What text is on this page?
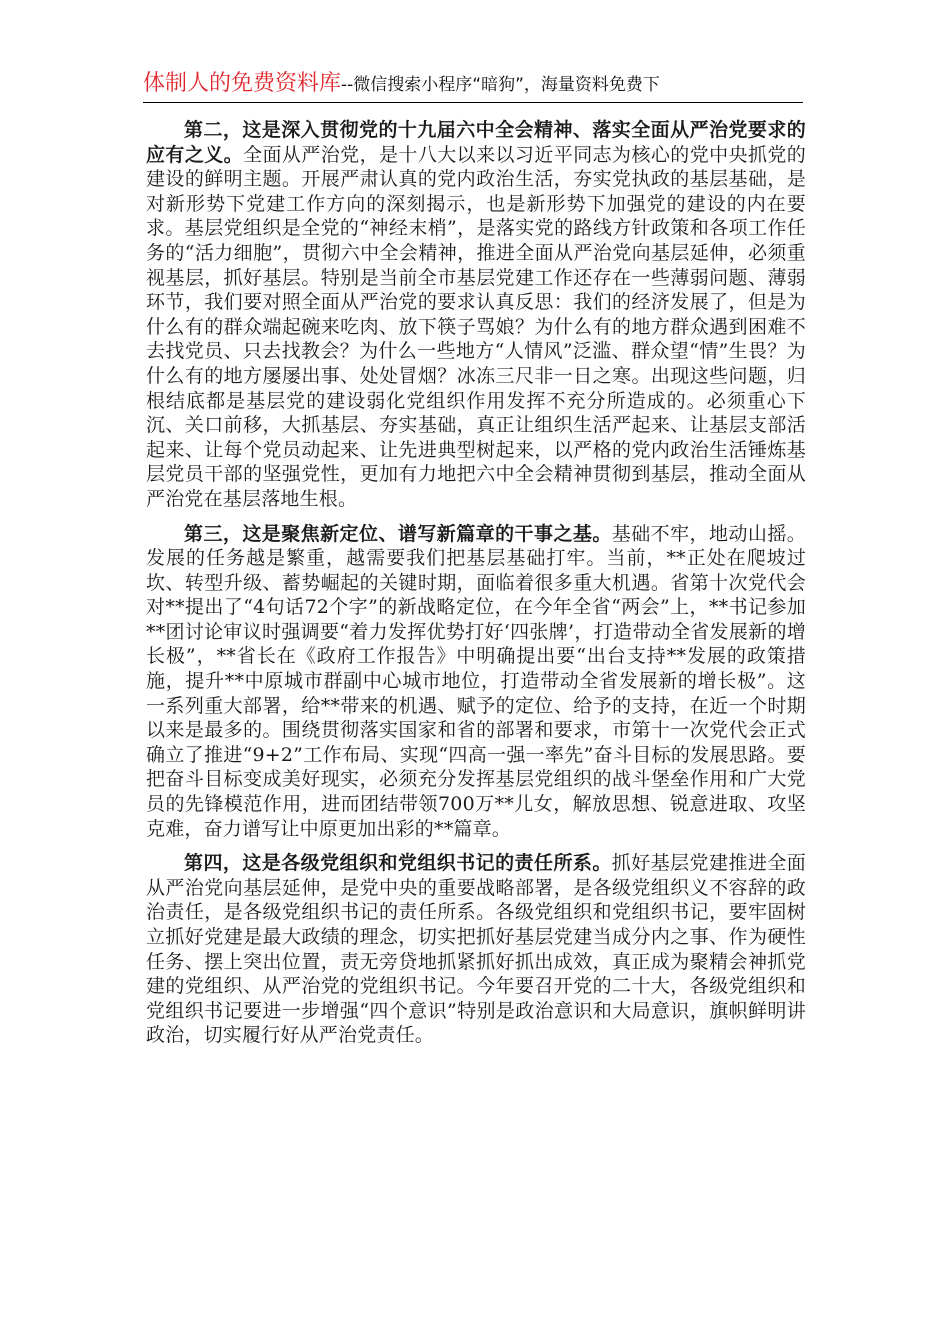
体制人的免费资料库--微信搜索小程序“暗狗”，海量资料免费下

第二，这是深入贯彻党的十九届六中全会精神、落实全面从严治党要求的应有之义。全面从严治党，是十八大以来以习近平同志为核心的党中央抓党的建设的鲜明主题。开展严肃认真的党内政治生活，夯实党执政的基层基础，是对新形势下党建工作方向的深刻揭示，也是新形势下加强党的建设的内在要求。基层党组织是全党的“神经末梢”，是落实党的路线方针政策和各项工作任务的“活力细胞”，贯彻六中全会精神，推进全面从严治党向基层延伸，必须重视基层，抓好基层。特别是当前全市基层党建工作还存在一些薄弱问题、薄弱环节，我们要对照全面从严治党的要求认真反思：我们的经济发展了，但是为什么有的群众端起碗来吃肉、放下筷子骂娘？为什么有的地方群众遇到困难不去找党员、只去找教会？为什么一些地方“人情风”泛滥、群众望“情”生畏？为什么有的地方屡屡出事、处处冒烟？冰冻三尺非一日之寒。出现这些问题，归根结底都是基层党的建设弱化党组织作用发挥不充分所造成的。必须重心下沉、关口前移，大抓基层、夯实基础，真正让组织生活严起来、让基层支部活起来、让每个党员动起来、让先进典型树起来，以严格的党内政治生活锤炼基层党员干部的坚强党性，更加有力地把六中全会精神贯彻到基层，推动全面从严治党在基层落地生根。

第三，这是聚焦新定位、谱写新篇章的干事之基。基础不牢，地动山摇。发展的任务越是繁重，越需要我们把基层基础打牢。当前，**正处在爬坡过坎、转型升级、蓄势崛起的关键时期，面临着很多重大机遇。省第十次党代会对**提出了“4句话72个字”的新战略定位，在今年全省“两会”上，**书记参加**团讨论审议时强调要“着力发挥优势打好‘四张牌’，打造带动全省发展新的增长极”，**省长在《政府工作报告》中明确提出要“出台支持**发展的政策措施，提升**中原城市群副中心城市地位，打造带动全省发展新的增长极”。这一系列重大部署，给**带来的机遇、赋予的定位、给予的支持，在近一个时期以来是最多的。围绕贯彻落实国家和省的部署和要求，市第十一次党代会正式确立了推进“9+2”工作布局、实现“四高一强一率先”奋斗目标的发展思路。要把奋斗目标变成美好现实，必须充分发挥基层党组织的战斗堡垒作用和广大党员的先锋模范作用，进而团结带领700万**儿女，解放思想、锐意进取、攻坚克难，奋力谱写让中原更加出彩的**篇章。

第四，这是各级党组织和党组织书记的责任所系。抓好基层党建推进全面从严治党向基层延伸，是党中央的重要战略部署，是各级党组织义不容辞的政治责任，是各级党组织书记的责任所系。各级党组织和党组织书记，要牢固树立抓好党建是最大政绩的理念，切实把抓好基层党建当成分内之事、作为硬性任务、摆上突出位置，责无旁贷地抓紧抓好抓出成效，真正成为聚精会神抓党建的党组织、从严治党的党组织书记。今年要召开党的二十大，各级党组织和党组织书记要进一步增强“四个意识”特别是政治意识和大局意识，旗帜鲜明讲政治，切实履行好从严治党责任。
